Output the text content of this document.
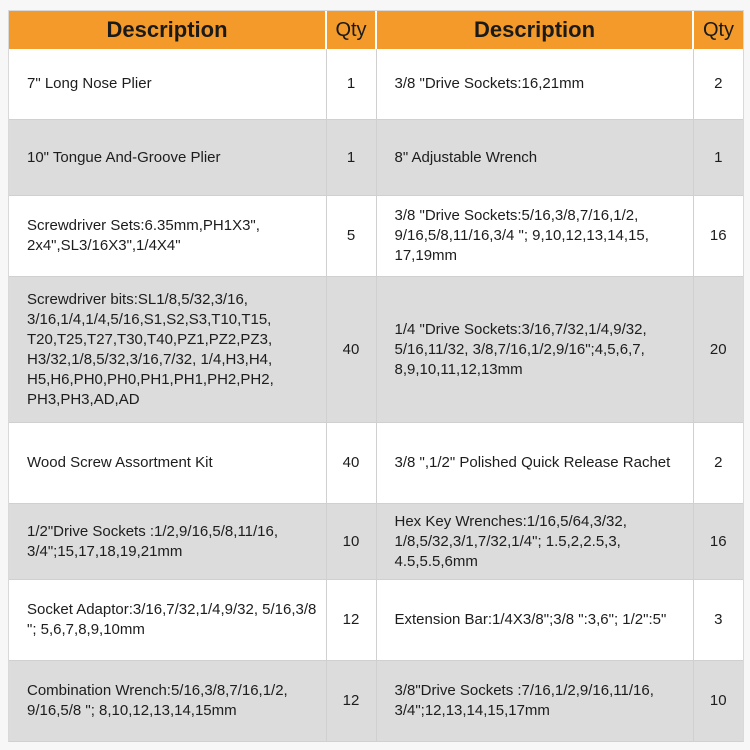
Description	Qty	Description	Qty
7" Long Nose Plier	1	3/8 "Drive Sockets:16,21mm	2
10" Tongue And-Groove Plier	1	8" Adjustable Wrench	1
Screwdriver Sets:6.35mm,PH1X3", 2x4",SL3/16X3",1/4X4"	5	3/8 "Drive Sockets:5/16,3/8,7/16,1/2, 9/16,5/8,11/16,3/4 "; 9,10,12,13,14,15, 17,19mm	16
Screwdriver bits:SL1/8,5/32,3/16, 3/16,1/4,1/4,5/16,S1,S2,S3,T10,T15, T20,T25,T27,T30,T40,PZ1,PZ2,PZ3, H3/32,1/8,5/32,3/16,7/32, 1/4,H3,H4, H5,H6,PH0,PH0,PH1,PH1,PH2,PH2, PH3,PH3,AD,AD	40	1/4 "Drive Sockets:3/16,7/32,1/4,9/32, 5/16,11/32, 3/8,7/16,1/2,9/16";4,5,6,7, 8,9,10,11,12,13mm	20
Wood Screw Assortment Kit	40	3/8 ",1/2" Polished Quick Release Rachet	2
1/2"Drive Sockets :1/2,9/16,5/8,11/16, 3/4";15,17,18,19,21mm	10	Hex Key Wrenches:1/16,5/64,3/32, 1/8,5/32,3/1,7/32,1/4"; 1.5,2,2.5,3, 4.5,5.5,6mm	16
Socket Adaptor:3/16,7/32,1/4,9/32, 5/16,3/8 "; 5,6,7,8,9,10mm	12	Extension Bar:1/4X3/8";3/8 ":3,6"; 1/2":5"	3
Combination Wrench:5/16,3/8,7/16,1/2, 9/16,5/8 "; 8,10,12,13,14,15mm	12	3/8"Drive Sockets :7/16,1/2,9/16,11/16, 3/4";12,13,14,15,17mm	10
